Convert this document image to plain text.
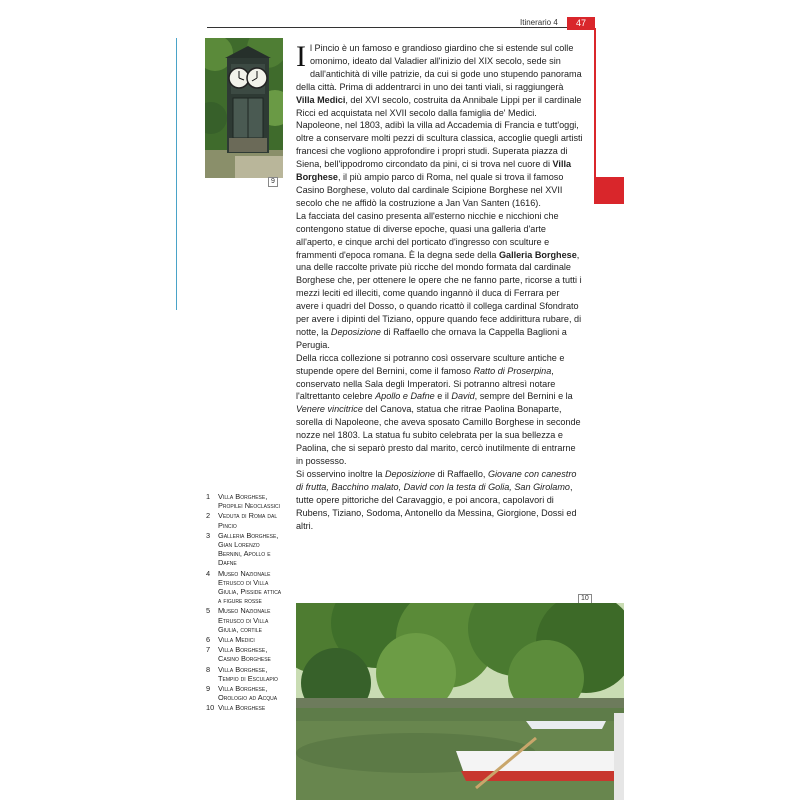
Itinerario 4	47
9

Il Pincio è un famoso e grandioso giardino che si estende sul colle omonimo, ideato dal Valadier all'inizio del XIX secolo, sede sin dall'antichità di ville patrizie, da cui si gode uno stupendo panorama della città. Prima di addentrarci in uno dei tanti viali, si raggiungerà Villa Medici, del XVI secolo, costruita da Annibale Lippi per il cardinale Ricci ed acquistata nel XVII secolo dalla famiglia de' Medici.

Napoleone, nel 1803, adibì la villa ad Accademia di Francia e tutt'oggi, oltre a conservare molti pezzi di scultura classica, accoglie quegli artisti francesi che vogliono approfondire i propri studi. Superata piazza di Siena, bell'ippodromo circondato da pini, ci si trova nel cuore di Villa Borghese, il più ampio parco di Roma, nel quale si trova il famoso Casino Borghese, voluto dal cardinale Scipione Borghese nel XVII secolo che ne affidò la costruzione a Jan Van Santen (1616).

La facciata del casino presenta all'esterno nicchie e nicchioni che contengono statue di diverse epoche, quasi una galleria d'arte all'aperto, e cinque archi del porticato d'ingresso con sculture e frammenti d'epoca romana. È la degna sede della Galleria Borghese, una delle raccolte private più ricche del mondo formata dal cardinale Borghese che, per ottenere le opere che ne fanno parte, ricorse a tutti i mezzi leciti ed illeciti, come quando ingannò il duca di Ferrara per avere i quadri del Dosso, o quando ricattò il collega cardinal Sfondrato per avere i dipinti del Tiziano, oppure quando fece addirittura rubare, di notte, la Deposizione di Raffaello che ornava la Cappella Baglioni a Perugia.

Della ricca collezione si potranno così osservare sculture antiche e stupende opere del Bernini, come il famoso Ratto di Proserpina, conservato nella Sala degli Imperatori. Si potranno altresì notare l'altrettanto celebre Apollo e Dafne e il David, sempre del Bernini e la Venere vincitrice del Canova, statua che ritrae Paolina Bonaparte, sorella di Napoleone, che aveva sposato Camillo Borghese in seconde nozze nel 1803. La statua fu subito celebrata per la sua bellezza e Paolina, che si separò presto dal marito, cercò inutilmente di entrarne in possesso.

Si osservino inoltre la Deposizione di Raffaello, Giovane con canestro di frutta, Bacchino malato, David con la testa di Golia, San Girolamo, tutte opere pittoriche del Caravaggio, e poi ancora, capolavori di Rubens, Tiziano, Sodoma, Antonello da Messina, Giorgione, Dossi ed altri.

1	Villa Borghese, Propilei Neoclassici
2	Veduta di Roma dal Pincio
3	Galleria Borghese, Gian Lorenzo Bernini, Apollo e Dafne
4	Museo Nazionale Etrusco di Villa Giulia, Pisside attica a figure rosse
5	Museo Nazionale Etrusco di Villa Giulia, cortile
6	Villa Medici
7	Villa Borghese, Casino Borghese
8	Villa Borghese, Tempio di Esculapio
9	Villa Borghese, Orologio ad Acqua
10 Villa Borghese
10
